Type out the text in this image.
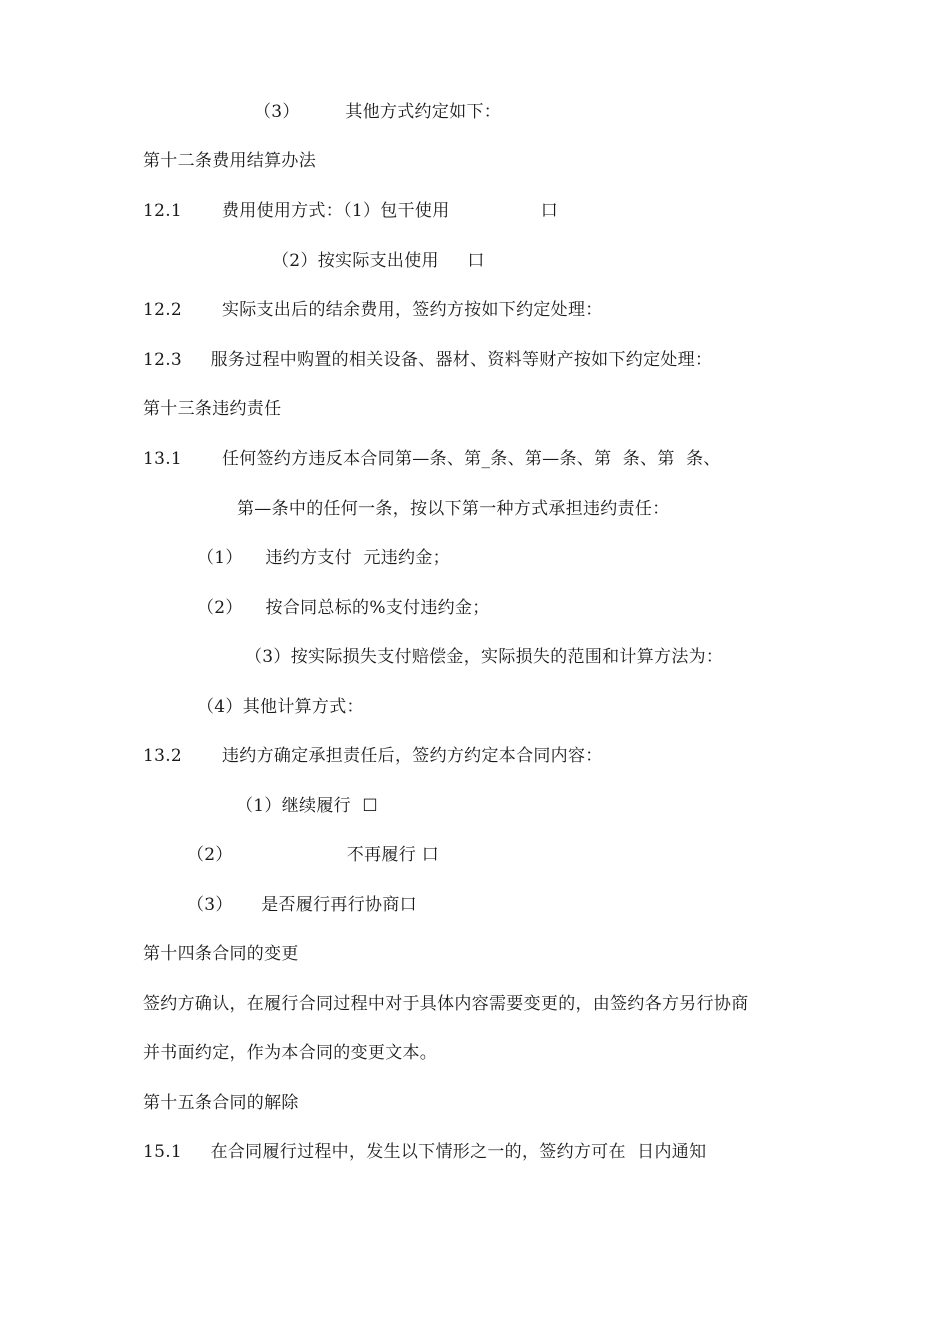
（3）        其他方式约定如下：
第十二条费用结算办法
12.1       费用使用方式：（1）包干使用                口
（2）按实际支出使用     口
12.2       实际支出后的结余费用，签约方按如下约定处理：
12.3     服务过程中购置的相关设备、器材、资料等财产按如下约定处理：
第十三条违约责任
13.1       任何签约方违反本合同第—条、第_条、第—条、第  条、第  条、
第—条中的任何一条，按以下第一种方式承担违约责任：
（1）    违约方支付  元违约金；
（2）    按合同总标的%支付违约金；
（3）按实际损失支付赔偿金，实际损失的范围和计算方法为：
（4）其他计算方式：
13.2       违约方确定承担责任后，签约方约定本合同内容：
（1）继续履行  ☐
（2）                    不再履行 口
（3）     是否履行再行协商口
第十四条合同的变更
签约方确认，在履行合同过程中对于具体内容需要变更的，由签约各方另行协商
并书面约定，作为本合同的变更文本。
第十五条合同的解除
15.1     在合同履行过程中，发生以下情形之一的，签约方可在  日内通知
